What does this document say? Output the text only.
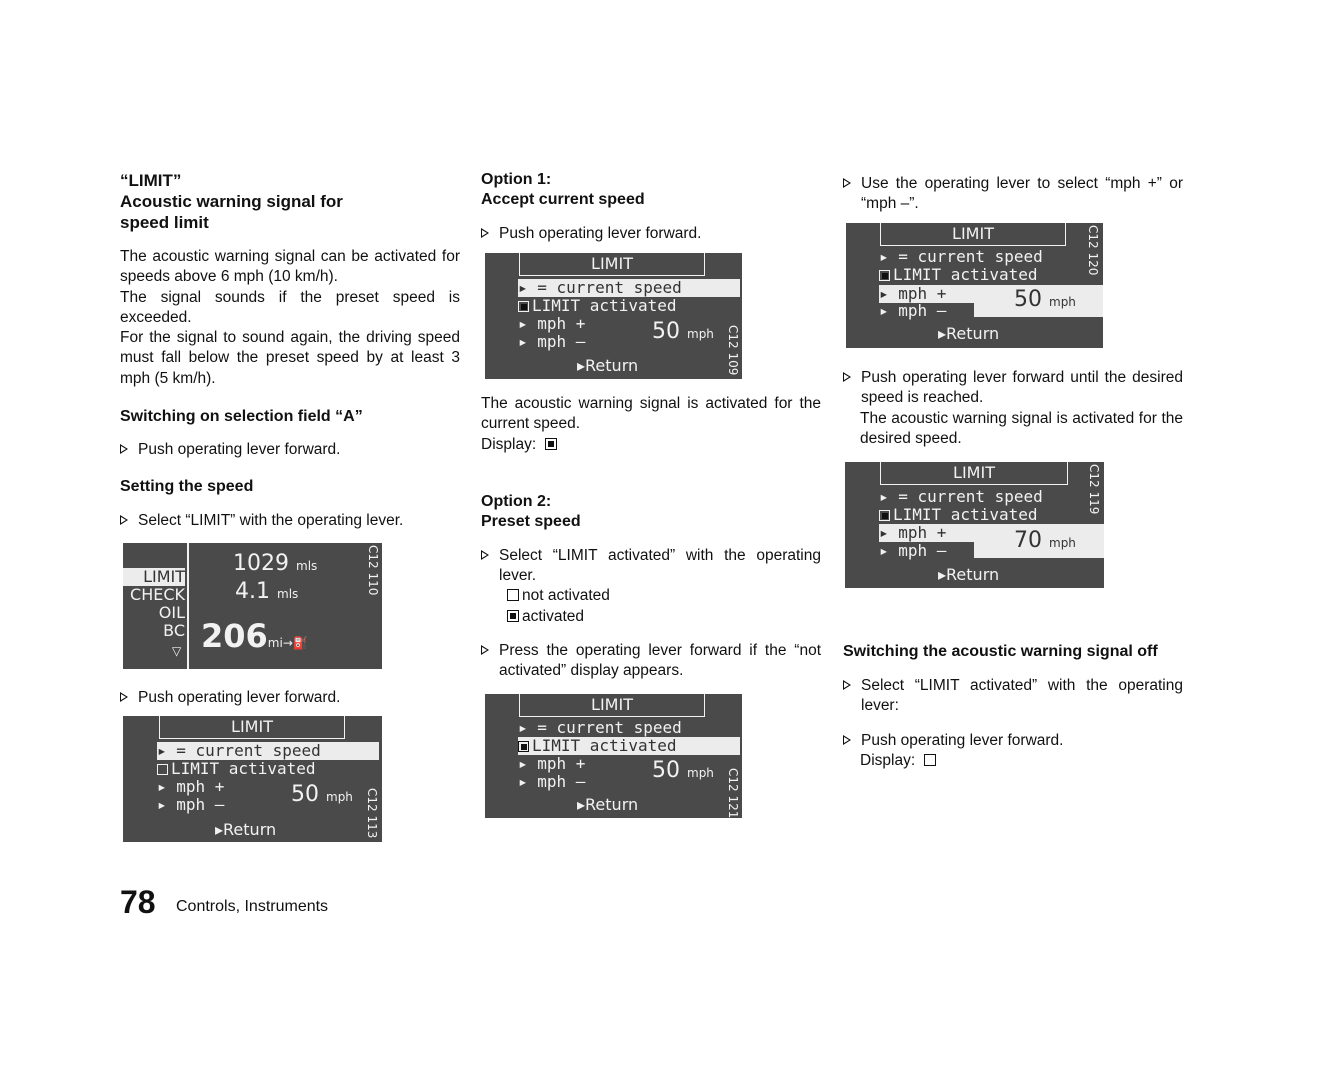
“LIMIT”

Acoustic warning signal for

speed limit

The acoustic warning signal can be activated for speeds above 6 mph (10 km/h).

The signal sounds if the preset speed is exceeded.

For the signal to sound again, the driving speed must fall below the preset speed by at least 3 mph (5 km/h).

Switching on selection field “A”

Push operating lever forward.

Setting the speed

Select “LIMIT” with the operating lever.
LIMIT
CHECK
OIL
BC
▽
1029 mls
4.1 mls
206mi→⛽
C12 110
Push operating lever forward.
LIMIT
▸ = current speed
LIMIT activated
▸ mph +
▸ mph –	50 mph
▸Return	C12 113

Option 1:

Accept current speed

Push operating lever forward.
LIMIT
▸ = current speed
LIMIT activated
▸ mph +
▸ mph –	50 mph
▸Return	C12 109

The acoustic warning signal is activated for the current speed.

Display:

Option 2:

Preset speed

Select “LIMIT activated” with the operating lever.

not activated

activated

Press the operating lever forward if the “not activated” display appears.
LIMIT
▸ = current speed
LIMIT activated
▸ mph +
▸ mph –	50 mph
▸Return	C12 121
Use the operating lever to select “mph +” or “mph –”.
LIMIT
▸ = current speed
LIMIT activated
▸ mph +
▸ mph –	50 mph
▸Return
C12 120
Push operating lever forward until the desired speed is reached.

The acoustic warning signal is activated for the desired speed.

LIMIT
▸ = current speed
LIMIT activated
▸ mph +
▸ mph –	70 mph
▸Return
C12 119

Switching the acoustic warning signal off

Select “LIMIT activated” with the operating lever:
Push operating lever forward.

Display:

78 Controls, Instruments
